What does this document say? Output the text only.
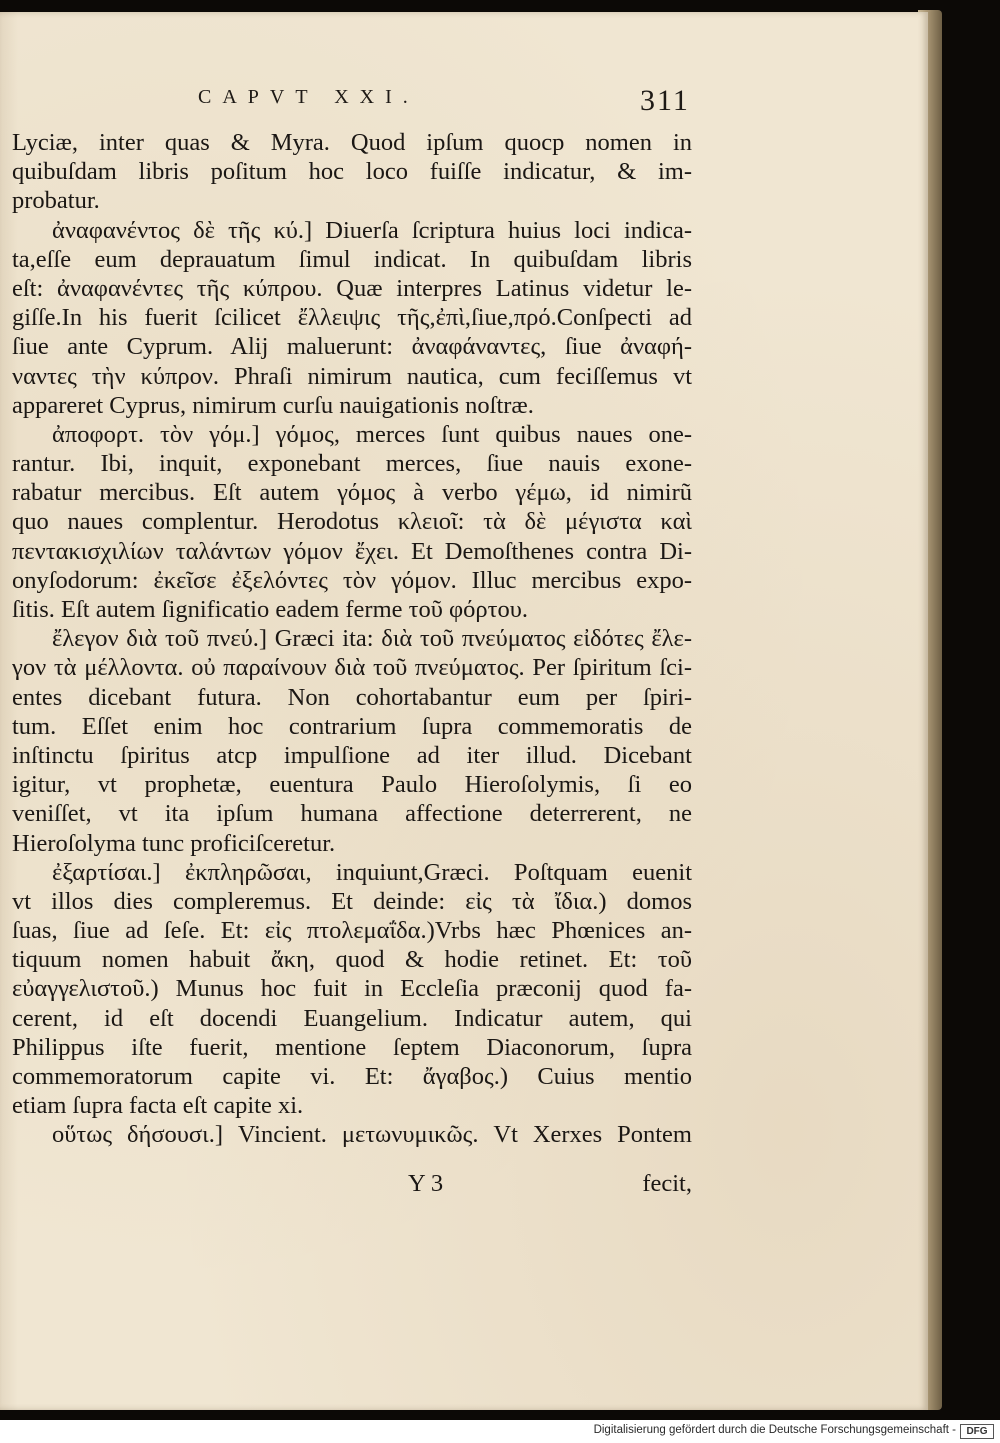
CAPVT XXI.	311
Lyciæ, inter quas & Myra. Quod ipſum quocp nomen in
quibuſdam libris poſitum hoc loco fuiſſe indicatur, & im-
probatur.
ἀναφανέντος δὲ τῆς κύ.] Diuerſa ſcriptura huius loci indica-
ta,eſſe eum deprauatum ſimul indicat. In quibuſdam libris
eſt: ἀναφανέντες τῆς κύπρου. Quæ interpres Latinus videtur le-
giſſe.In his fuerit ſcilicet ἔλλειψις τῆς,ἐπὶ,ſiue,πρό.Conſpecti ad
ſiue ante Cyprum. Alij maluerunt: ἀναφάναντες, ſiue ἀναφή-
ναντες τὴν κύπρον. Phraſi nimirum nautica, cum feciſſemus vt
appareret Cyprus, nimirum curſu nauigationis noſtræ.
ἀποφορτ. τὸν γόμ.] γόμος, merces ſunt quibus naues one-
rantur. Ibi, inquit, exponebant merces, ſiue nauis exone-
rabatur mercibus. Eſt autem γόμος à verbo γέμω, id nimirũ
quo naues complentur. Herodotus κλειοῖ: τὰ δὲ μέγιστα καὶ
πεντακισχιλίων ταλάντων γόμον ἔχει. Et Demoſthenes contra Di-
onyſodorum: ἐκεῖσε ἐξελόντες τὸν γόμον. Illuc mercibus expo-
ſitis. Eſt autem ſignificatio eadem ferme τοῦ φόρτου.
ἔλεγον διὰ τοῦ πνεύ.] Græci ita: διὰ τοῦ πνεύματος εἰδότες ἔλε-
γον τὰ μέλλοντα. οὐ παραίνουν διὰ τοῦ πνεύματος. Per ſpiritum ſci-
entes dicebant futura. Non cohortabantur eum per ſpiri-
tum. Eſſet enim hoc contrarium ſupra commemoratis de
inſtinctu ſpiritus atcp impulſione ad iter illud. Dicebant
igitur, vt prophetæ, euentura Paulo Hieroſolymis, ſi eo
veniſſet, vt ita ipſum humana affectione deterrerent, ne
Hieroſolyma tunc proficiſceretur.
ἐξαρτίσαι.] ἐκπληρῶσαι, inquiunt,Græci. Poſtquam euenit
vt illos dies compleremus. Et deinde: εἰς τὰ ἴδια.) domos
ſuas, ſiue ad ſeſe. Et: εἰς πτολεμαΐδα.)Vrbs hæc Phœnices an-
tiquum nomen habuit ἄκη, quod & hodie retinet. Et: τοῦ
εὐαγγελιστοῦ.) Munus hoc fuit in Eccleſia præconij quod fa-
cerent, id eſt docendi Euangelium. Indicatur autem, qui
Philippus iſte fuerit, mentione ſeptem Diaconorum, ſupra
commemoratorum capite vi. Et: ἄγαβος.) Cuius mentio
etiam ſupra facta eſt capite xi.
οὕτως δήσουσι.] Vincient. μετωνυμικῶς. Vt Xerxes Pontem
Y 3	fecit,
Digitalisierung gefördert durch die Deutsche Forschungsgemeinschaft -	DFG
